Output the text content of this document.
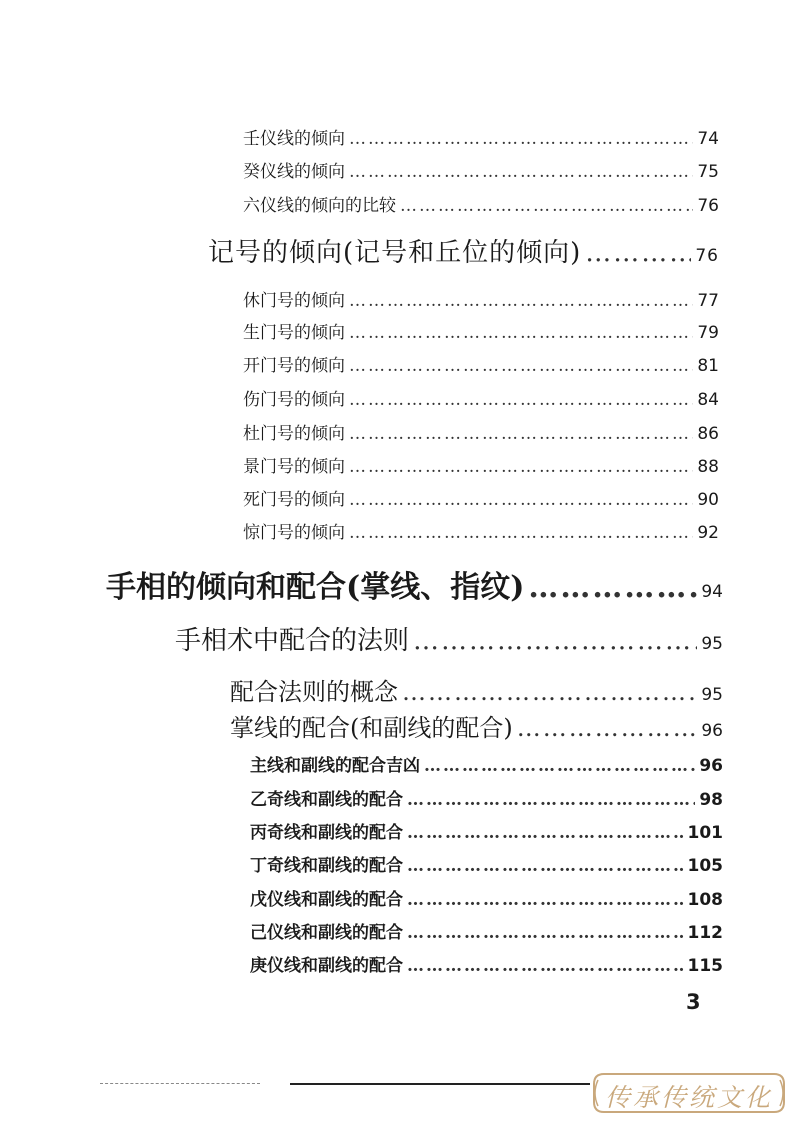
壬仪线的倾向 …………………………………………………………………………………………………………………………………………	74
癸仪线的倾向 …………………………………………………………………………………………………………………………………………	75
六仪线的倾向的比较 …………………………………………………………………………………………………………………………………………	76
记号的倾向(记号和丘位的倾向) …………………………………………………………………………………………………………………………………………	76
休门号的倾向 …………………………………………………………………………………………………………………………………………	77
生门号的倾向 …………………………………………………………………………………………………………………………………………	79
开门号的倾向 …………………………………………………………………………………………………………………………………………	81
伤门号的倾向 …………………………………………………………………………………………………………………………………………	84
杜门号的倾向 …………………………………………………………………………………………………………………………………………	86
景门号的倾向 …………………………………………………………………………………………………………………………………………	88
死门号的倾向 …………………………………………………………………………………………………………………………………………	90
惊门号的倾向 …………………………………………………………………………………………………………………………………………	92
手相的倾向和配合(掌线、指纹) …………………………………………………………………………………………………………………………………………	94
手相术中配合的法则 …………………………………………………………………………………………………………………………………………	95
配合法则的概念 …………………………………………………………………………………………………………………………………………	95
掌线的配合(和副线的配合) …………………………………………………………………………………………………………………………………………	96
主线和副线的配合吉凶 …………………………………………………………………………………………………………………………………………	96
乙奇线和副线的配合 …………………………………………………………………………………………………………………………………………	98
丙奇线和副线的配合 …………………………………………………………………………………………………………………………………………	101
丁奇线和副线的配合 …………………………………………………………………………………………………………………………………………	105
戊仪线和副线的配合 …………………………………………………………………………………………………………………………………………	108
己仪线和副线的配合 …………………………………………………………………………………………………………………………………………	112
庚仪线和副线的配合 …………………………………………………………………………………………………………………………………………	115
3
传承传统文化
